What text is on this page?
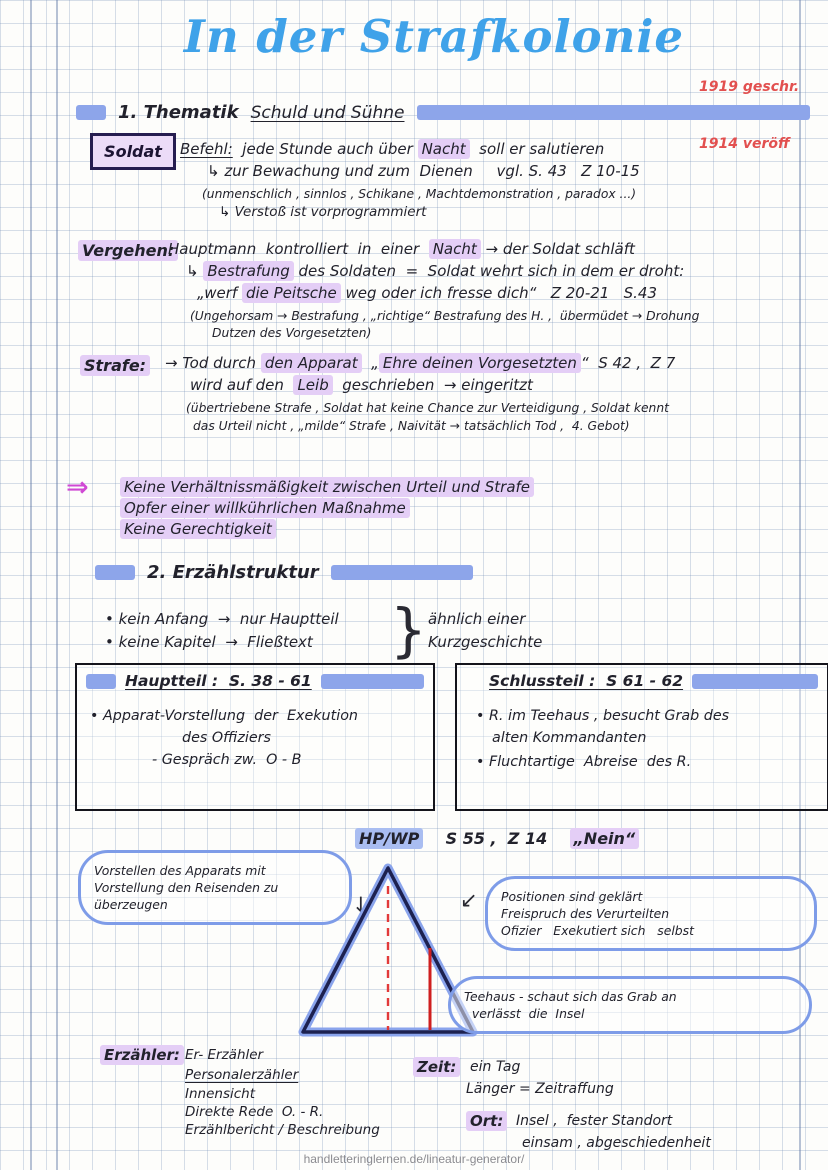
In der Strafkolonie

1919 geschr.

1914 veröff

1. Thematik Schuld und Sühne
Soldat	Befehl:  jede Stunde auch über Nacht  soll er salutieren
↳ zur Bewachung und zum  Dienen     vgl. S. 43   Z 10-15
(unmenschlich , sinnlos , Schikane , Machtdemonstration , paradox ...)
↳ Verstoß ist vorprogrammiert
Vergehen:
Hauptmann  kontrolliert  in  einer  Nacht → der Soldat schläft
↳ Bestrafung des Soldaten  =  Soldat wehrt sich in dem er droht:
„werf die Peitsche weg oder ich fresse dich“   Z 20-21   S.43
(Ungehorsam → Bestrafung , „richtige“ Bestrafung des H. ,  übermüdet → Drohung
Dutzen des Vorgesetzten)
Strafe: → Tod durch den Apparat  „ Ehre deinen Vorgesetzten “  S 42 ,  Z 7
wird auf den  Leib  geschrieben  → eingeritzt
(übertriebene Strafe , Soldat hat keine Chance zur Verteidigung , Soldat kennt
das Urteil nicht , „milde“ Strafe , Naivität → tatsächlich Tod ,  4. Gebot)
⇒ Keine Verhältnissmäßigkeit zwischen Urteil und Strafe
Opfer einer willkührlichen Maßnahme
Keine Gerechtigkeit
2. Erzählstruktur
• kein Anfang  →  nur Hauptteil
• keine Kapitel  →  Fließtext } ähnlich einer
Kurzgeschichte
Hauptteil :  S. 38 - 61
• Apparat-Vorstellung  der  Exekution
des Offiziers
- Gespräch zw.  O - B
Schlussteil :  S 61 - 62
• R. im Teehaus , besucht Grab des
alten Kommandanten
• Fluchtartige  Abreise  des R.
HP/WP    S 55 ,  Z 14    „Nein“
Vorstellen des Apparats mit
Vorstellung den Reisenden zu
überzeugen	↓	↙ Positionen sind geklärt
Freispruch des Verurteilten
Ofizier   Exekutiert sich   selbst
Teehaus - schaut sich das Grab an
verlässt  die  Insel
Erzähler: Er- Erzähler
Personalerzähler
Innensicht
Direkte Rede  O. - R.
Erzählbericht / Beschreibung
Zeit: ein Tag
Länger = Zeitraffung
Ort: Insel ,  fester Standort
einsam , abgeschiedenheit
handletteringlernen.de/lineatur-generator/
